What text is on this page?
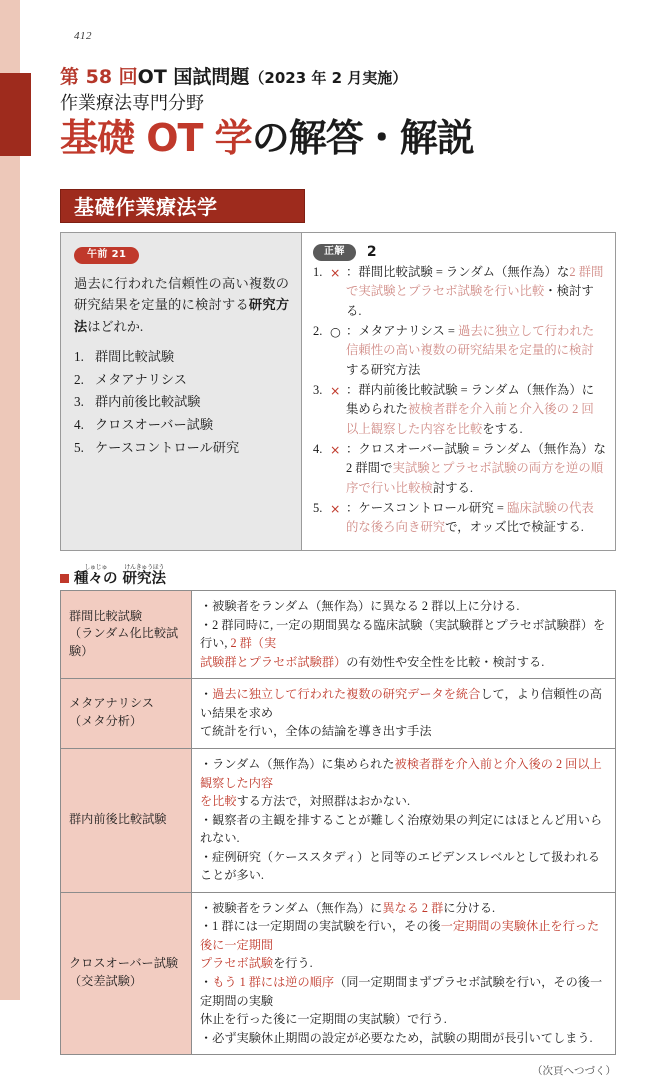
412
第 58 回OT 国試問題（2023 年 2 月実施）
作業療法専門分野
基礎 OT 学の解答・解説
基礎作業療法学
午前 21
過去に行われた信頼性の高い複数の研究結果を定量的に検討する研究方法はどれか.
1. 群間比較試験
2. メタアナリシス
3. 群内前後比較試験
4. クロスオーバー試験
5. ケースコントロール研究
正解	2
1. × ：群間比較試験 = ランダム（無作為）な2 群間で実試験とプラセボ試験を行い比較・検討する.
2. ○ ：メタアナリシス = 過去に独立して行われた信頼性の高い複数の研究結果を定量的に検討する研究方法
3. × ：群内前後比較試験 = ランダム（無作為）に集められた被検者群を介入前と介入後の 2 回以上観察した内容を比較をする.
4. × ：クロスオーバー試験 = ランダム（無作為）な 2 群間で実試験とプラセボ試験の両方を逆の順序で行い比較検討する.
5. × ：ケースコントロール研究 = 臨床試験の代表的な後ろ向き研究で，オッズ比で検証する.
しゅじゅ
種々の
けんきゅうほう
研究法
群間比較試験
（ランダム化比較試験）

・被験者をランダム（無作為）に異なる 2 群以上に分ける.
・2 群同時に, 一定の期間異なる臨床試験（実試験群とプラセボ試験群）を行い, 2 群（実
試験群とプラセボ試験群）の有効性や安全性を比較・検討する.

メタアナリシス
（メタ分析）

・過去に独立して行われた複数の研究データを統合して，より信頼性の高い結果を求め
て統計を行い，全体の結論を導き出す手法

群内前後比較試験	・ランダム（無作為）に集められた被検者群を介入前と介入後の 2 回以上観察した内容
を比較する方法で，対照群はおかない.
・観察者の主観を排することが難しく治療効果の判定にはほとんど用いられない.
・症例研究（ケーススタディ）と同等のエビデンスレベルとして扱われることが多い.

クロスオーバー試験
（交差試験）

・被験者をランダム（無作為）に異なる 2 群に分ける.
・1 群には一定期間の実試験を行い，その後一定期間の実験休止を行った後に一定期間
プラセボ試験を行う.
・もう 1 群には逆の順序（同一定期間まずプラセボ試験を行い，その後一定期間の実験
休止を行った後に一定期間の実試験）で行う.
・必ず実験休止期間の設定が必要なため，試験の期間が長引いてしまう.
（次頁へつづく）
